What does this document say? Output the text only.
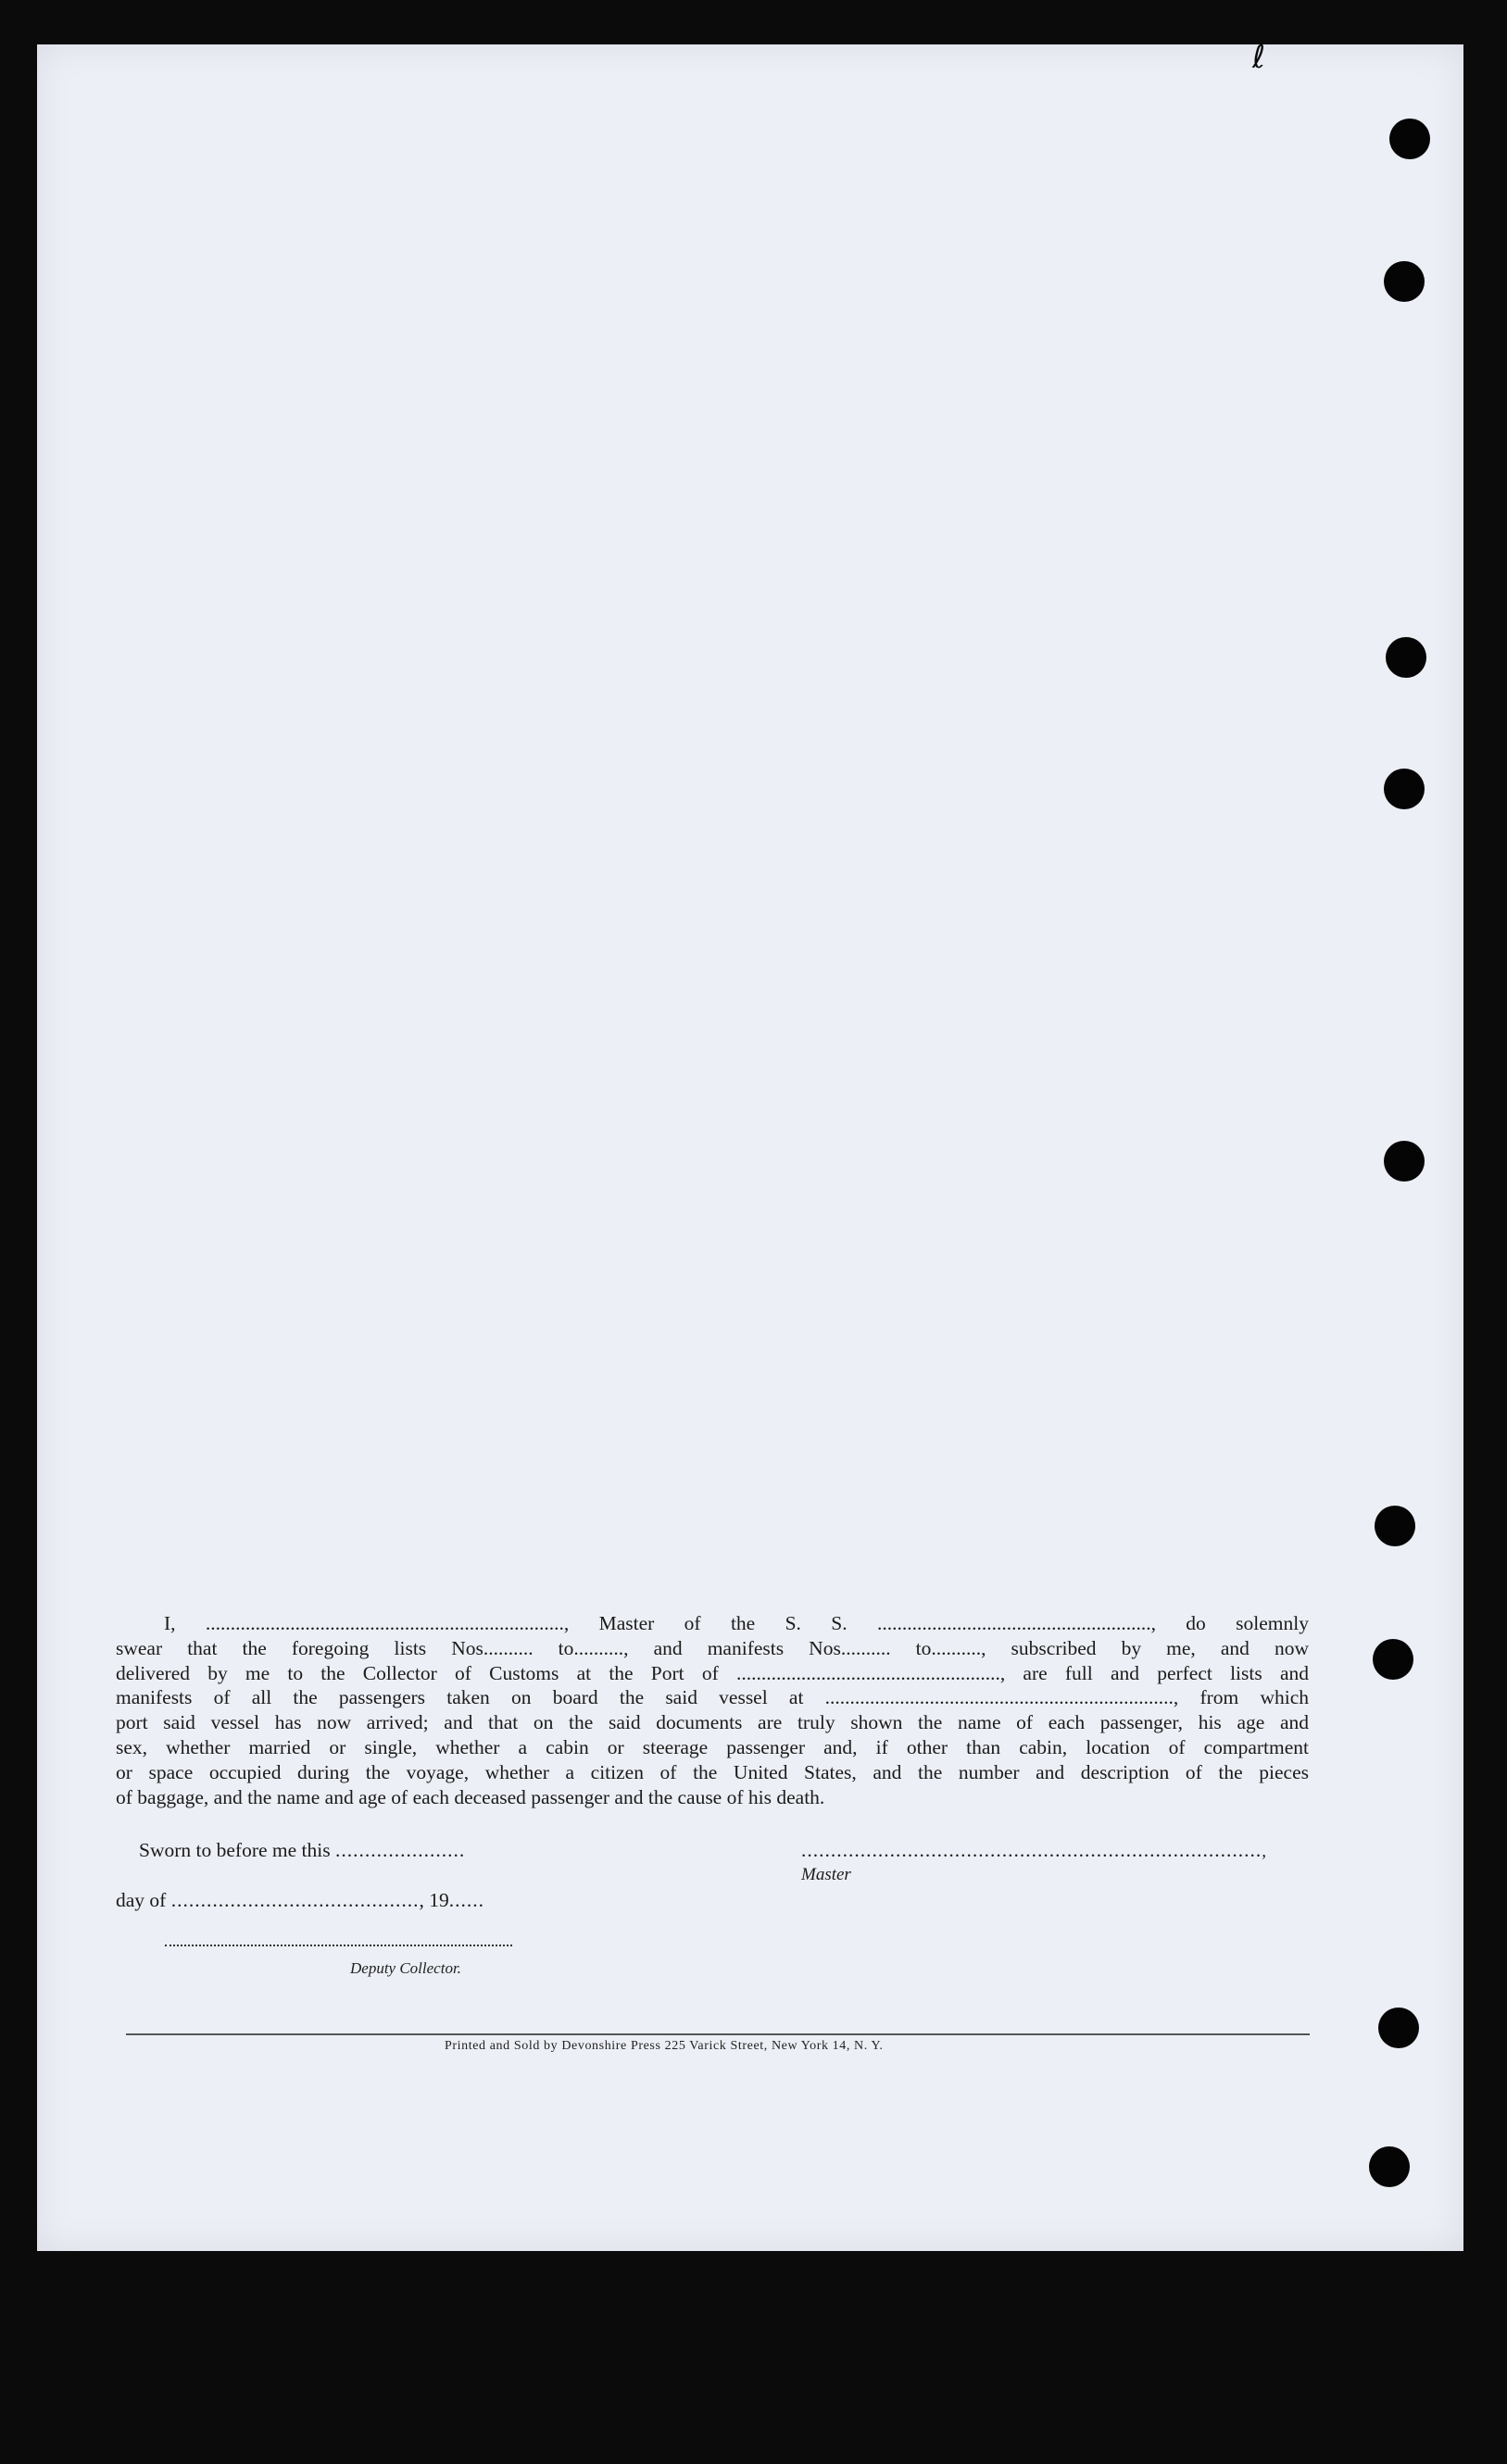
ℓ
I, ........................................................................, Master of the S. S. ......................................................., do solemnly
swear that the foregoing lists Nos.......... to.........., and manifests Nos.......... to.........., subscribed by me, and now
delivered by me to the Collector of Customs at the Port of ....................................................., are full and perfect lists and
manifests of all the passengers taken on board the said vessel at ......................................................................, from which
port said vessel has now arrived; and that on the said documents are truly shown the name of each passenger, his age and
sex, whether married or single, whether a cabin or steerage passenger and, if other than cabin, location of compartment
or space occupied during the voyage, whether a citizen of the United States, and the number and description of the pieces
of baggage, and the name and age of each deceased passenger and the cause of his death.
Sworn to before me this ......................	.............................................................................., Master
day of .........................................., 19......
Deputy Collector.
Printed and Sold by Devonshire Press 225 Varick Street, New York 14, N. Y.
